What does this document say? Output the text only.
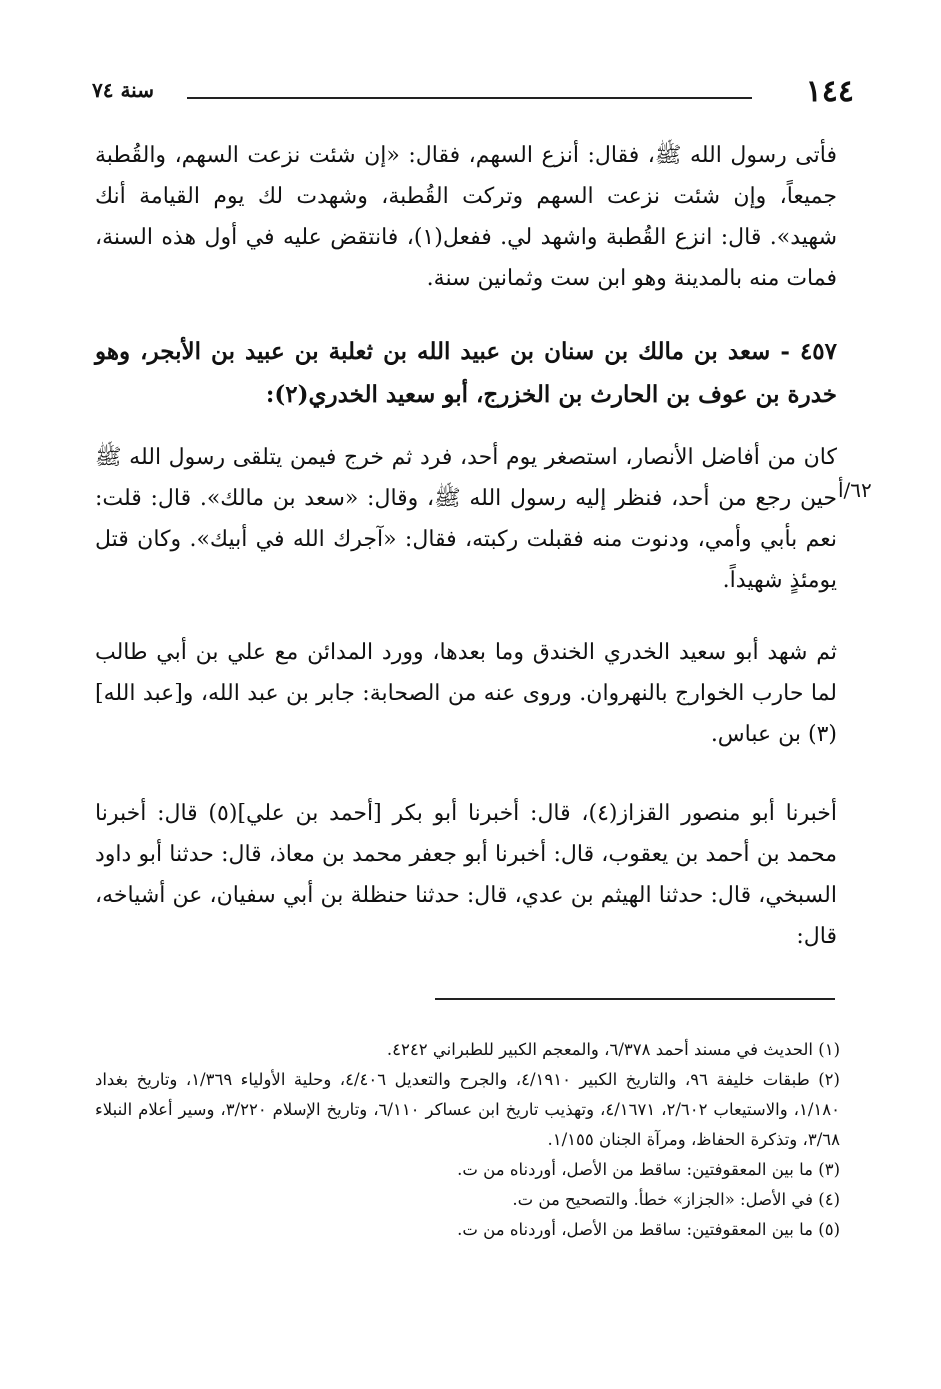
١٤٤
سنة ٧٤

فأتى رسول الله ﷺ، فقال: أنزع السهم، فقال: «إن شئت نزعت السهم، والقُطبة جميعاً، وإن شئت نزعت السهم وتركت القُطبة، وشهدت لك يوم القيامة أنك شهيد». قال: انزع القُطبة واشهد لي. ففعل(١)، فانتقض عليه في أول هذه السنة، فمات منه بالمدينة وهو ابن ست وثمانين سنة.

٤٥٧ - سعد بن مالك بن سنان بن عبيد الله بن ثعلبة بن عبيد بن الأبجر، وهو خدرة بن عوف بن الحارث بن الخزرج، أبو سعيد الخدري(٢):

كان من أفاضل الأنصار، استصغر يوم أحد، فرد ثم خرج فيمن يتلقى رسول الله ﷺ حين رجع من أحد، فنظر إليه رسول الله ﷺ، وقال: «سعد بن مالك». قال: قلت: نعم بأبي وأمي، ودنوت منه فقبلت ركبته، فقال: «آجرك الله في أبيك». وكان قتل يومئذٍ شهيداً.

٦٢/أ

ثم شهد أبو سعيد الخدري الخندق وما بعدها، وورد المدائن مع علي بن أبي طالب لما حارب الخوارج بالنهروان. وروى عنه من الصحابة: جابر بن عبد الله، و[عبد الله](٣) بن عباس.

أخبرنا أبو منصور القزاز(٤)، قال: أخبرنا أبو بكر [أحمد بن علي](٥) قال: أخبرنا محمد بن أحمد بن يعقوب، قال: أخبرنا أبو جعفر محمد بن معاذ، قال: حدثنا أبو داود السبخي، قال: حدثنا الهيثم بن عدي، قال: حدثنا حنظلة بن أبي سفيان، عن أشياخه، قال:

(١) الحديث في مسند أحمد ٦/٣٧٨، والمعجم الكبير للطبراني ٤٢٤٢.

(٢) طبقات خليفة ٩٦، والتاريخ الكبير ٤/١٩١٠، والجرح والتعديل ٤/٤٠٦، وحلية الأولياء ١/٣٦٩، وتاريخ بغداد ١/١٨٠، والاستيعاب ٢/٦٠٢، ٤/١٦٧١، وتهذيب تاريخ ابن عساكر ٦/١١٠، وتاريخ الإسلام ٣/٢٢٠، وسير أعلام النبلاء ٣/٦٨، وتذكرة الحفاظ، ومرآة الجنان ١/١٥٥.

(٣) ما بين المعقوفتين: ساقط من الأصل، أوردناه من ت.

(٤) في الأصل: «الجزاز» خطأ. والتصحيح من ت.

(٥) ما بين المعقوفتين: ساقط من الأصل، أوردناه من ت.
